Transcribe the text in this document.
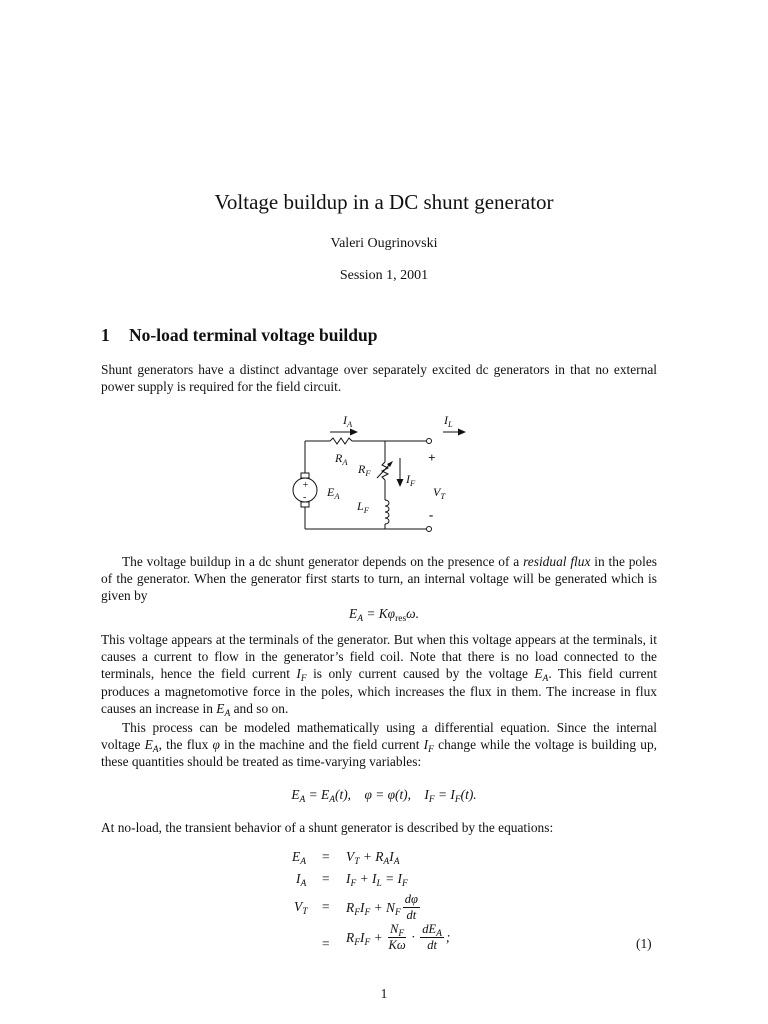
Voltage buildup in a DC shunt generator
Valeri Ougrinovski
Session 1, 2001
1 No-load terminal voltage buildup
Shunt generators have a distinct advantage over separately excited dc generators in that no external power supply is required for the field circuit.
$I_A$	$I_L$
$R_A$ $R_F$	$I_F$
$E_A$
$L_F$
$V_T$
+
-
+
-
The voltage buildup in a dc shunt generator depends on the presence of a residual flux in the poles of the generator. When the generator first starts to turn, an internal voltage will be generated which is given by
$E_A = K\varphi_{res}\omega$.
This voltage appears at the terminals of the generator. But when this voltage appears at the terminals, it causes a current to flow in the generator’s field coil. Note that there is no load connected to the terminals, hence the field current $I_F$ is only current caused by the voltage $E_A$. This field current produces a magnetomotive force in the poles, which increases the flux in them. The increase in flux causes an increase in $E_A$ and so on.
This process can be modeled mathematically using a differential equation. Since the internal voltage $E_A$, the flux φ in the machine and the field current $I_F$ change while the voltage is building up, these quantities should be treated as time-varying variables:
$E_A = E_A(t)$, φ = φ(t), $I_F = I_F(t)$.
At no-load, the transient behavior of a shunt generator is described by the equations:
$E_A = V_T + R_AI_A$
$I_A = I_F + I_L = I_F$
$V_T = R_FI_F + N_F \frac{d\varphi}{dt}$
= $R_FI_F + \frac{N_F}{K\omega} \cdot \frac{dE_A}{dt}$ ;	(1)
1
